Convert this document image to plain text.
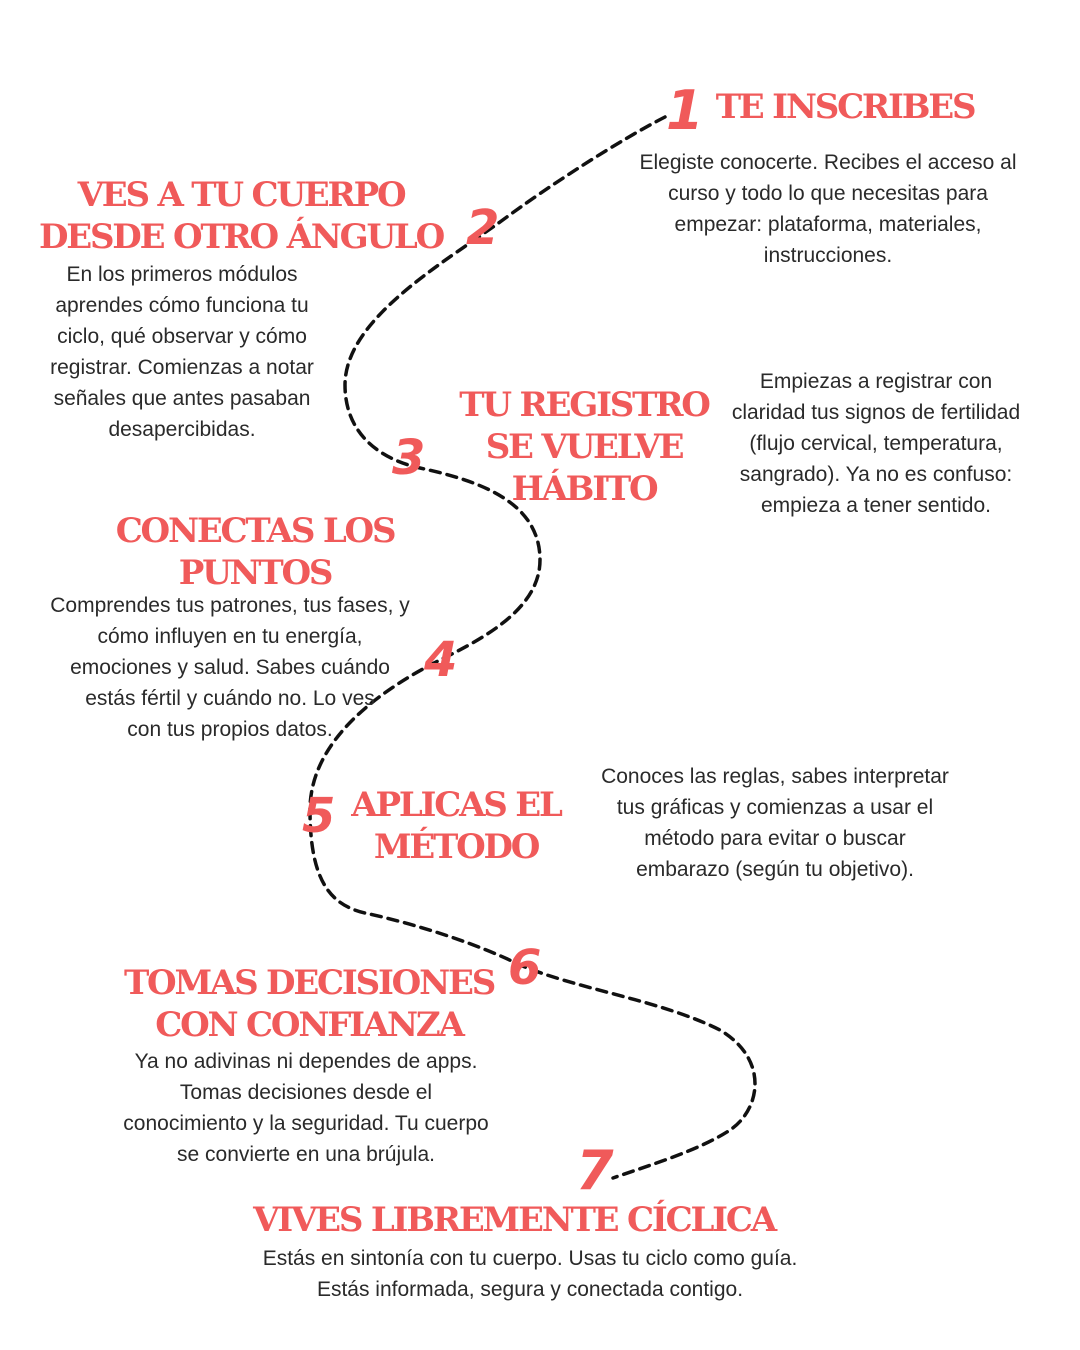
1 TE INSCRIBES
Elegiste conocerte. Recibes el acceso al
curso y todo lo que necesitas para
empezar: plataforma, materiales,
instrucciones.
2
VES A TU CUERPO
DESDE OTRO ÁNGULO
En los primeros módulos
aprendes cómo funciona tu
ciclo, qué observar y cómo
registrar. Comienzas a notar
señales que antes pasaban
desapercibidas.
3
TU REGISTRO
SE VUELVE
HÁBITO
Empiezas a registrar con
claridad tus signos de fertilidad
(flujo cervical, temperatura,
sangrado). Ya no es confuso:
empieza a tener sentido.
4
CONECTAS LOS
PUNTOS
Comprendes tus patrones, tus fases, y
cómo influyen en tu energía,
emociones y salud. Sabes cuándo
estás fértil y cuándo no. Lo ves
con tus propios datos.
5 APLICAS EL
MÉTODO
Conoces las reglas, sabes interpretar
tus gráficas y comienzas a usar el
método para evitar o buscar
embarazo (según tu objetivo).
6
TOMAS DECISIONES
CON CONFIANZA
Ya no adivinas ni dependes de apps.
Tomas decisiones desde el
conocimiento y la seguridad. Tu cuerpo
se convierte en una brújula.	7
VIVES LIBREMENTE CÍCLICA
Estás en sintonía con tu cuerpo. Usas tu ciclo como guía.
Estás informada, segura y conectada contigo.
